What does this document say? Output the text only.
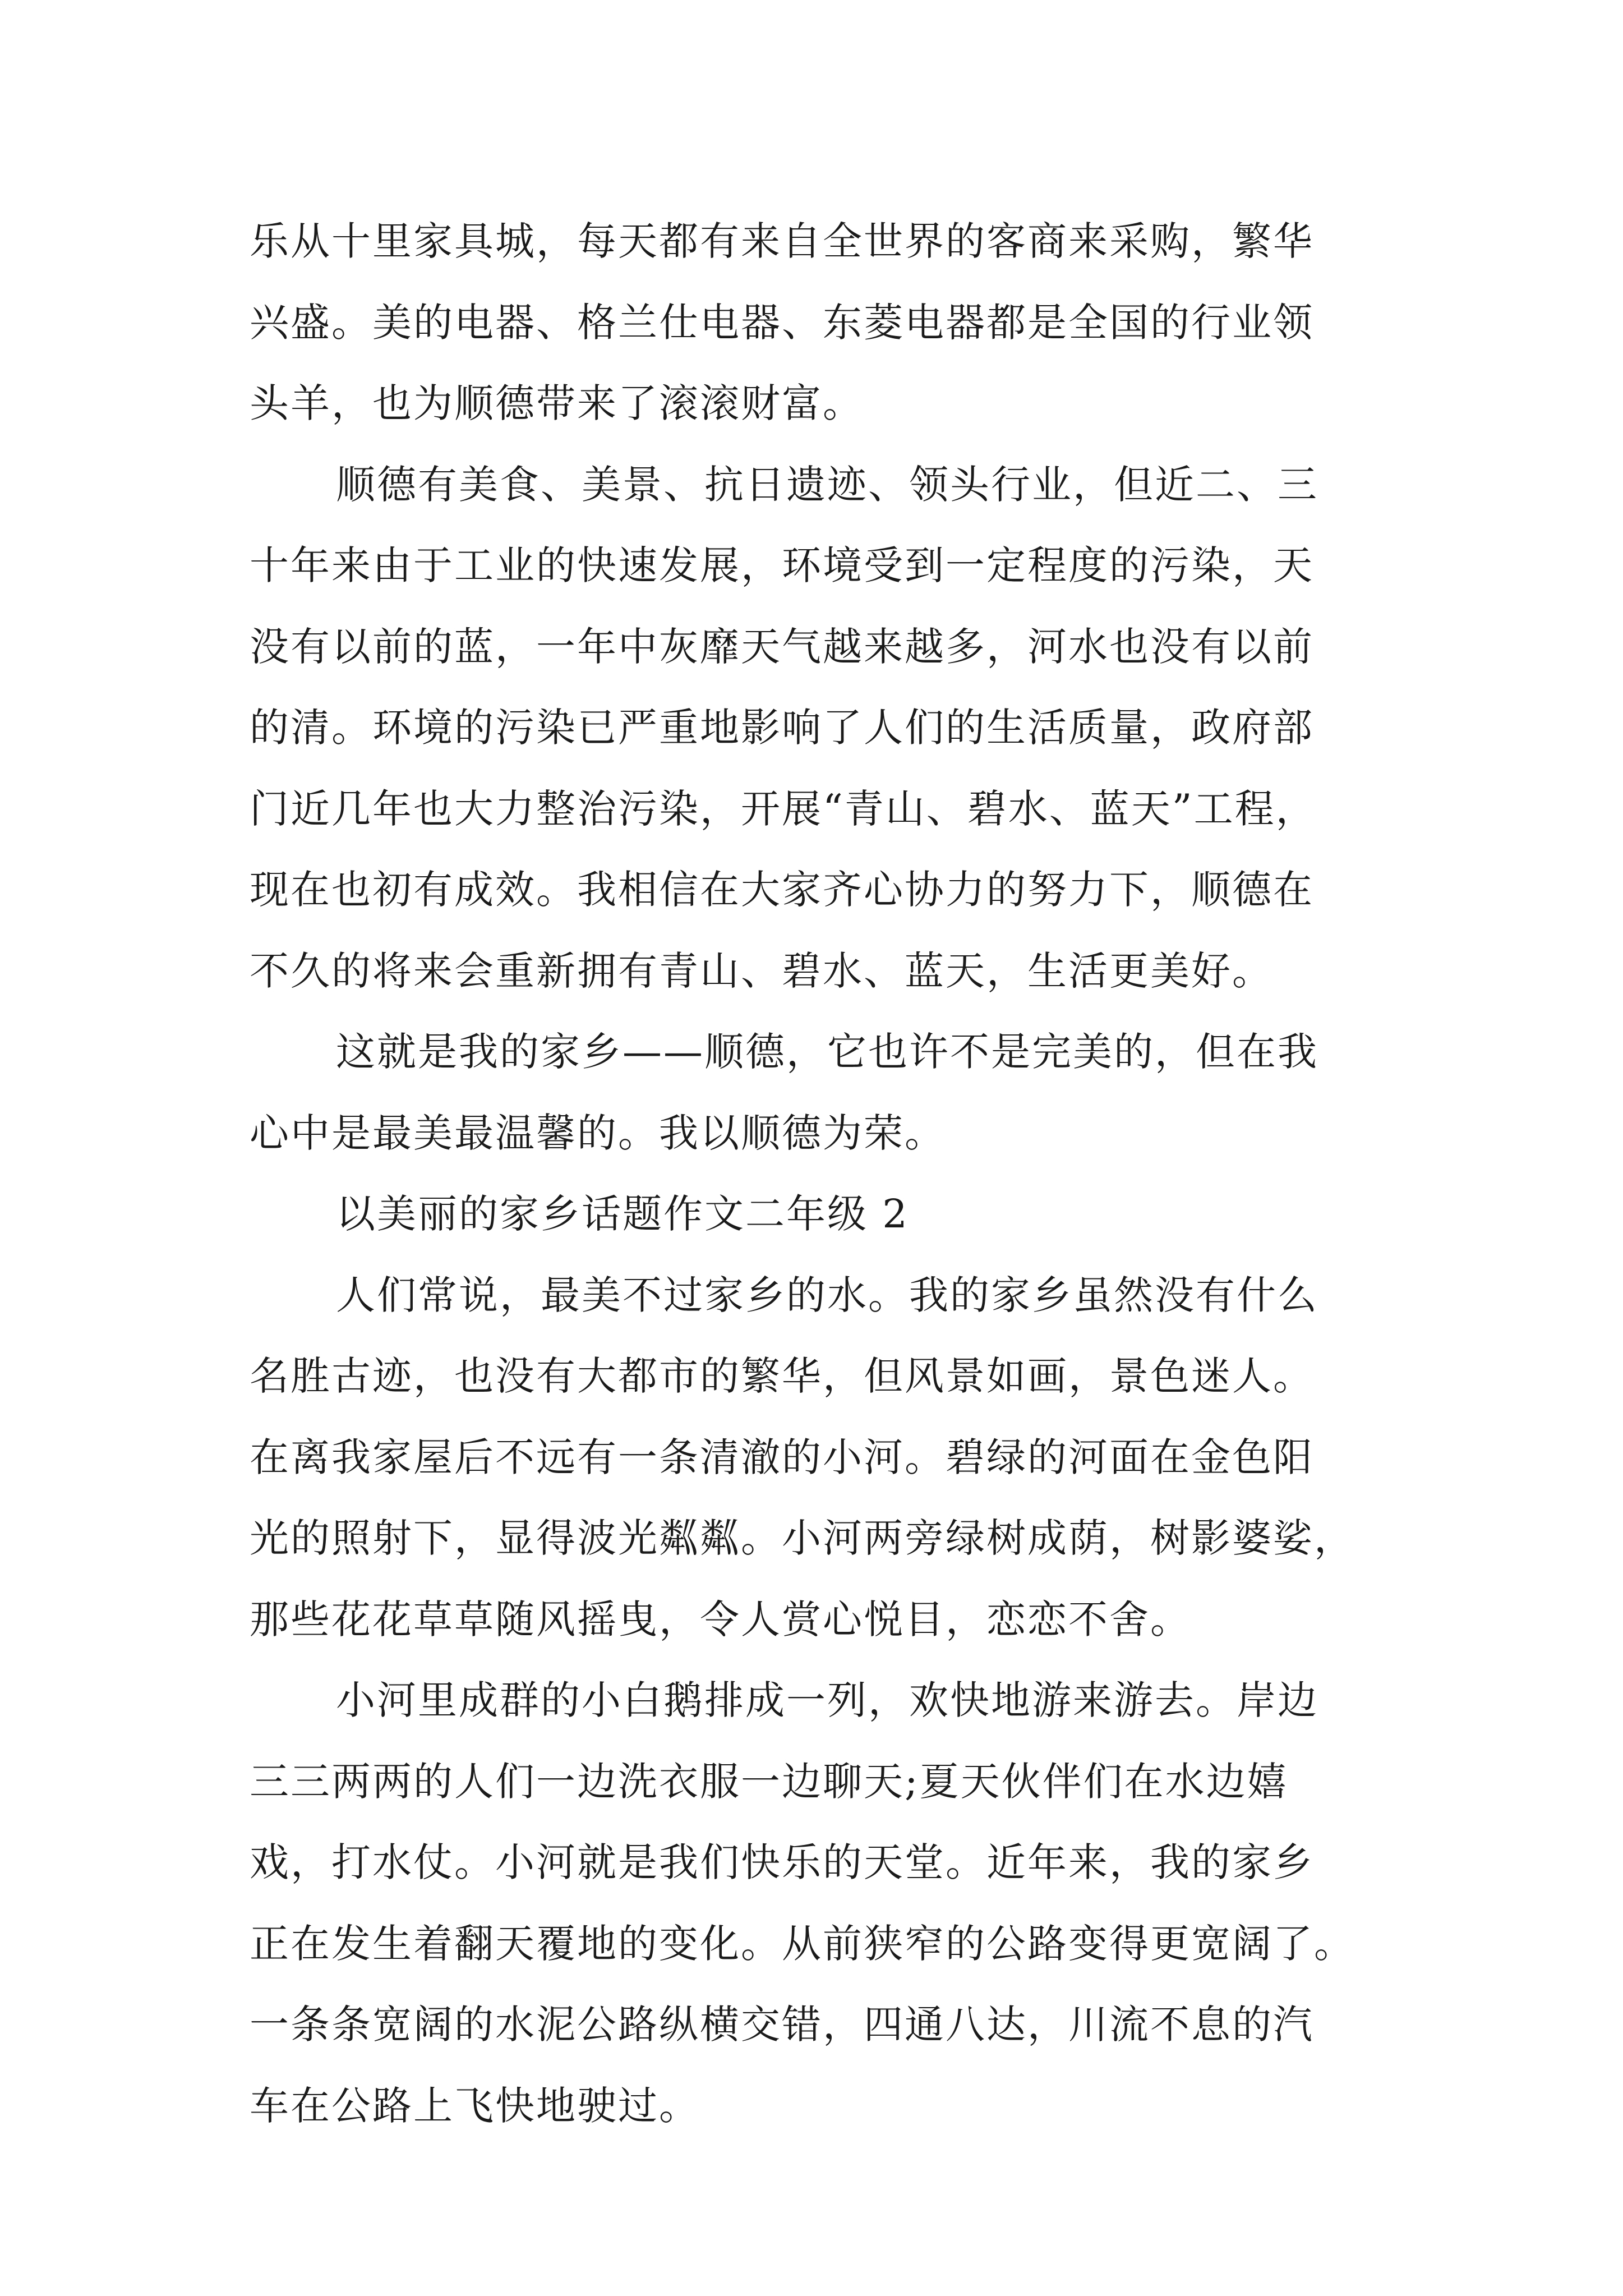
乐从十里家具城，每天都有来自全世界的客商来采购，繁华
兴盛。美的电器、格兰仕电器、东菱电器都是全国的行业领
头羊，也为顺德带来了滚滚财富。
顺德有美食、美景、抗日遗迹、领头行业，但近二、三
十年来由于工业的快速发展，环境受到一定程度的污染，天
没有以前的蓝，一年中灰靡天气越来越多，河水也没有以前
的清。环境的污染已严重地影响了人们的生活质量，政府部
门近几年也大力整治污染，开展“青山、碧水、蓝天”工程，
现在也初有成效。我相信在大家齐心协力的努力下，顺德在
不久的将来会重新拥有青山、碧水、蓝天，生活更美好。
这就是我的家乡——顺德，它也许不是完美的，但在我
心中是最美最温馨的。我以顺德为荣。
以美丽的家乡话题作文二年级 2
人们常说，最美不过家乡的水。我的家乡虽然没有什么
名胜古迹，也没有大都市的繁华，但风景如画，景色迷人。
在离我家屋后不远有一条清澈的小河。碧绿的河面在金色阳
光的照射下，显得波光粼粼。小河两旁绿树成荫，树影婆娑，
那些花花草草随风摇曳，令人赏心悦目，恋恋不舍。
小河里成群的小白鹅排成一列，欢快地游来游去。岸边
三三两两的人们一边洗衣服一边聊天;夏天伙伴们在水边嬉
戏，打水仗。小河就是我们快乐的天堂。近年来，我的家乡
正在发生着翻天覆地的变化。从前狭窄的公路变得更宽阔了。
一条条宽阔的水泥公路纵横交错，四通八达，川流不息的汽
车在公路上飞快地驶过。
